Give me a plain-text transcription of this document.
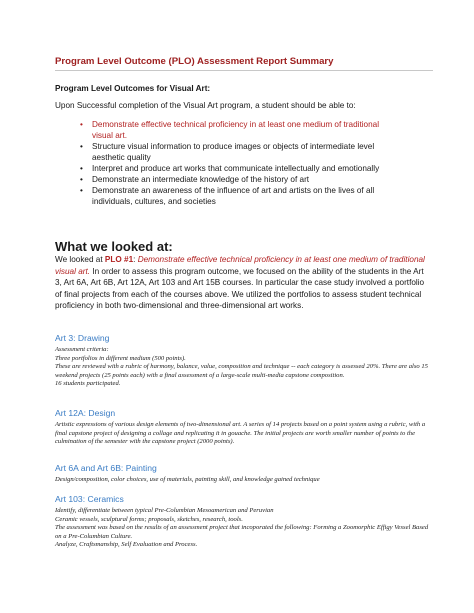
Program Level Outcome (PLO) Assessment Report Summary

Program Level Outcomes for Visual Art:

Upon Successful completion of the Visual Art program, a student should be able to:

• Demonstrate effective technical proficiency in at least one medium of traditional visual art.
• Structure visual information to produce images or objects of intermediate level aesthetic quality
• Interpret and produce art works that communicate intellectually and emotionally
• Demonstrate an intermediate knowledge of the history of art
• Demonstrate an awareness of the influence of art and artists on the lives of all individuals, cultures, and societies
What we looked at:

We looked at PLO #1: Demonstrate effective technical proficiency in at least one medium of traditional visual art. In order to assess this program outcome, we focused on the ability of the students in the Art 3, Art 6A, Art 6B, Art 12A, Art 103 and Art 15B courses. In particular the case study involved a portfolio of final projects from each of the courses above. We utilized the portfolios to assess student technical proficiency in both two-dimensional and three-dimensional art works.

Art 3: Drawing
Assessment criteria:
Three portfolios in different medium (500 points).
These are reviewed with a rubric of harmony, balance, value, composition and technique -- each category is assessed 20%. There are also 15 weekend projects (25 points each) with a final assessment of a large-scale multi-media capstone composition.
16 students participated.
Art 12A: Design
Artistic expressions of various design elements of two-dimensional art. A series of 14 projects based on a point system using a rubric, with a final capstone project of designing a collage and replicating it in gouache. The initial projects are worth smaller number of points to the culmination of the semester with the capstone project (2000 points).
Art 6A and Art 6B: Painting
Design/composition, color choices, use of materials, painting skill, and knowledge gained technique
Art 103: Ceramics
Identify, differentiate between typical Pre-Columbian Mesoamerican and Peruvian
Ceramic vessels, sculptural forms; proposals, sketches, research, tools.
The assessment was based on the results of an assessment project that incoporated the following: Forming a Zoomorphic Effigy Vessel Based on a Pre-Columbian Culture.
Analyze, Craftsmanship, Self Evaluation and Process.
